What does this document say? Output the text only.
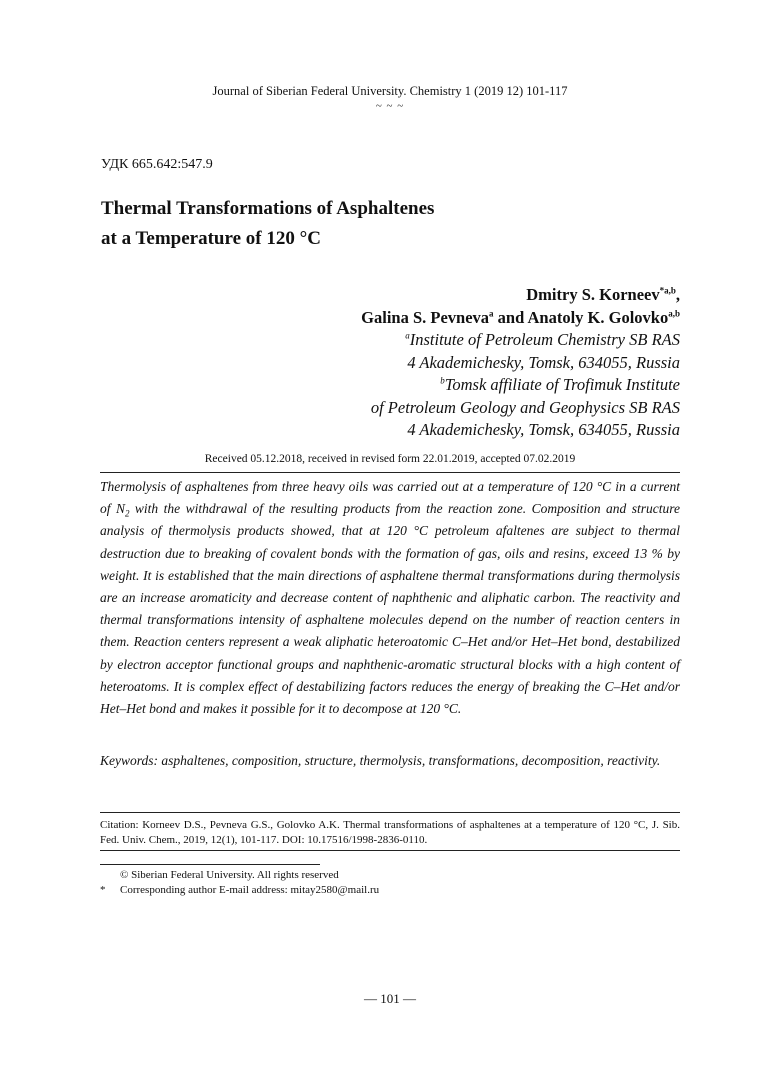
Journal of Siberian Federal University. Chemistry 1 (2019 12) 101-117
~ ~ ~
УДК 665.642:547.9
Thermal Transformations of Asphaltenes
at a Temperature of 120 °C
Dmitry S. Korneev$^{*a,b}$,
Galina S. Pevneva$^a$ and Anatoly K. Golovko$^{a,b}$
$^a$Institute of Petroleum Chemistry SB RAS
4 Akademichesky, Tomsk, 634055, Russia
$^b$Tomsk affiliate of Trofimuk Institute
of Petroleum Geology and Geophysics SB RAS
4 Akademichesky, Tomsk, 634055, Russia
Received 05.12.2018, received in revised form 22.01.2019, accepted 07.02.2019
Thermolysis of asphaltenes from three heavy oils was carried out at a temperature of 120 °C in a current of $N_2$ with the withdrawal of the resulting products from the reaction zone. Composition and structure analysis of thermolysis products showed, that at 120 °C petroleum afaltenes are subject to thermal destruction due to breaking of covalent bonds with the formation of gas, oils and resins, exceed 13 % by weight. It is established that the main directions of asphaltene thermal transformations during thermolysis are an increase aromaticity and decrease content of naphthenic and aliphatic carbon. The reactivity and thermal transformations intensity of asphaltene molecules depend on the number of reaction centers in them. Reaction centers represent a weak aliphatic heteroatomic C–Het and/or Het–Het bond, destabilized by electron acceptor functional groups and naphthenic-aromatic structural blocks with a high content of heteroatoms. It is complex effect of destabilizing factors reduces the energy of breaking the C–Het and/or Het–Het bond and makes it possible for it to decompose at 120 °C.
Keywords: asphaltenes, composition, structure, thermolysis, transformations, decomposition, reactivity.
Citation: Korneev D.S., Pevneva G.S., Golovko A.K. Thermal transformations of asphaltenes at a temperature of 120 °C, J. Sib. Fed. Univ. Chem., 2019, 12(1), 101-117. DOI: 10.17516/1998-2836-0110.
© Siberian Federal University. All rights reserved
* Corresponding author E-mail address: mitay2580@mail.ru
— 101 —
